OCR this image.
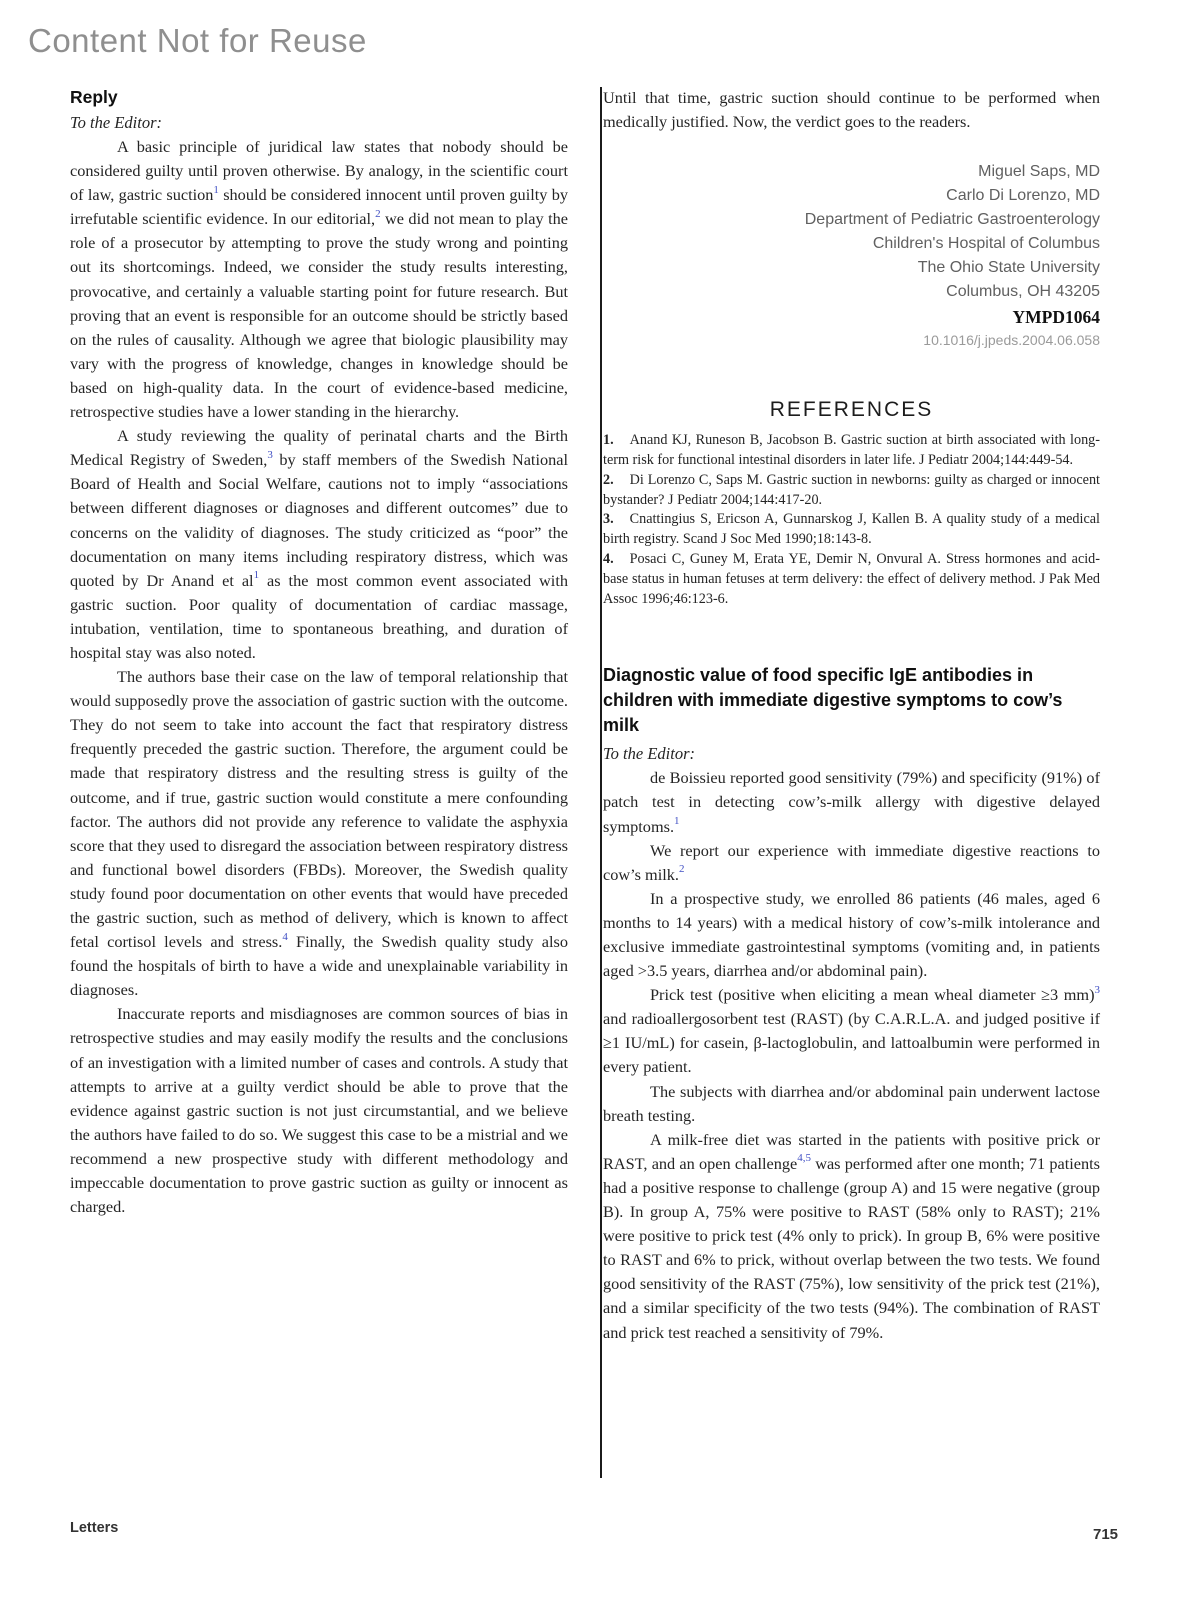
Content Not for Reuse
Reply
To the Editor:

A basic principle of juridical law states that nobody should be considered guilty until proven otherwise. By analogy, in the scientific court of law, gastric suction$^1$ should be considered innocent until proven guilty by irrefutable scientific evidence. In our editorial,$^2$ we did not mean to play the role of a prosecutor by attempting to prove the study wrong and pointing out its shortcomings. Indeed, we consider the study results interesting, provocative, and certainly a valuable starting point for future research. But proving that an event is responsible for an outcome should be strictly based on the rules of causality. Although we agree that biologic plausibility may vary with the progress of knowledge, changes in knowledge should be based on high-quality data. In the court of evidence-based medicine, retrospective studies have a lower standing in the hierarchy.

A study reviewing the quality of perinatal charts and the Birth Medical Registry of Sweden,$^3$ by staff members of the Swedish National Board of Health and Social Welfare, cautions not to imply “associations between different diagnoses or diagnoses and different outcomes” due to concerns on the validity of diagnoses. The study criticized as “poor” the documentation on many items including respiratory distress, which was quoted by Dr Anand et al$^1$ as the most common event associated with gastric suction. Poor quality of documentation of cardiac massage, intubation, ventilation, time to spontaneous breathing, and duration of hospital stay was also noted.

The authors base their case on the law of temporal relationship that would supposedly prove the association of gastric suction with the outcome. They do not seem to take into account the fact that respiratory distress frequently preceded the gastric suction. Therefore, the argument could be made that respiratory distress and the resulting stress is guilty of the outcome, and if true, gastric suction would constitute a mere confounding factor. The authors did not provide any reference to validate the asphyxia score that they used to disregard the association between respiratory distress and functional bowel disorders (FBDs). Moreover, the Swedish quality study found poor documentation on other events that would have preceded the gastric suction, such as method of delivery, which is known to affect fetal cortisol levels and stress.$^4$ Finally, the Swedish quality study also found the hospitals of birth to have a wide and unexplainable variability in diagnoses.

Inaccurate reports and misdiagnoses are common sources of bias in retrospective studies and may easily modify the results and the conclusions of an investigation with a limited number of cases and controls. A study that attempts to arrive at a guilty verdict should be able to prove that the evidence against gastric suction is not just circumstantial, and we believe the authors have failed to do so. We suggest this case to be a mistrial and we recommend a new prospective study with different methodology and impeccable documentation to prove gastric suction as guilty or innocent as charged.

Until that time, gastric suction should continue to be performed when medically justified. Now, the verdict goes to the readers.

Miguel Saps, MD
Carlo Di Lorenzo, MD
Department of Pediatric Gastroenterology
Children's Hospital of Columbus
The Ohio State University
Columbus, OH 43205
YMPD1064
10.1016/j.jpeds.2004.06.058
REFERENCES
1. Anand KJ, Runeson B, Jacobson B. Gastric suction at birth associated with long-term risk for functional intestinal disorders in later life. J Pediatr 2004;144:449-54.
2. Di Lorenzo C, Saps M. Gastric suction in newborns: guilty as charged or innocent bystander? J Pediatr 2004;144:417-20.
3. Cnattingius S, Ericson A, Gunnarskog J, Kallen B. A quality study of a medical birth registry. Scand J Soc Med 1990;18:143-8.
4. Posaci C, Guney M, Erata YE, Demir N, Onvural A. Stress hormones and acid-base status in human fetuses at term delivery: the effect of delivery method. J Pak Med Assoc 1996;46:123-6.
Diagnostic value of food specific IgE antibodies in children with immediate digestive symptoms to cow’s milk
To the Editor:

de Boissieu reported good sensitivity (79%) and specificity (91%) of patch test in detecting cow’s-milk allergy with digestive delayed symptoms.$^1$

We report our experience with immediate digestive reactions to cow’s milk.$^2$

In a prospective study, we enrolled 86 patients (46 males, aged 6 months to 14 years) with a medical history of cow’s-milk intolerance and exclusive immediate gastrointestinal symptoms (vomiting and, in patients aged >3.5 years, diarrhea and/or abdominal pain).

Prick test (positive when eliciting a mean wheal diameter ≥3 mm)$^3$ and radioallergosorbent test (RAST) (by C.A.R.L.A. and judged positive if ≥1 IU/mL) for casein, β-lactoglobulin, and lattoalbumin were performed in every patient.

The subjects with diarrhea and/or abdominal pain underwent lactose breath testing.

A milk-free diet was started in the patients with positive prick or RAST, and an open challenge$^{4,5}$ was performed after one month; 71 patients had a positive response to challenge (group A) and 15 were negative (group B). In group A, 75% were positive to RAST (58% only to RAST); 21% were positive to prick test (4% only to prick). In group B, 6% were positive to RAST and 6% to prick, without overlap between the two tests. We found good sensitivity of the RAST (75%), low sensitivity of the prick test (21%), and a similar specificity of the two tests (94%). The combination of RAST and prick test reached a sensitivity of 79%.

Letters	715
